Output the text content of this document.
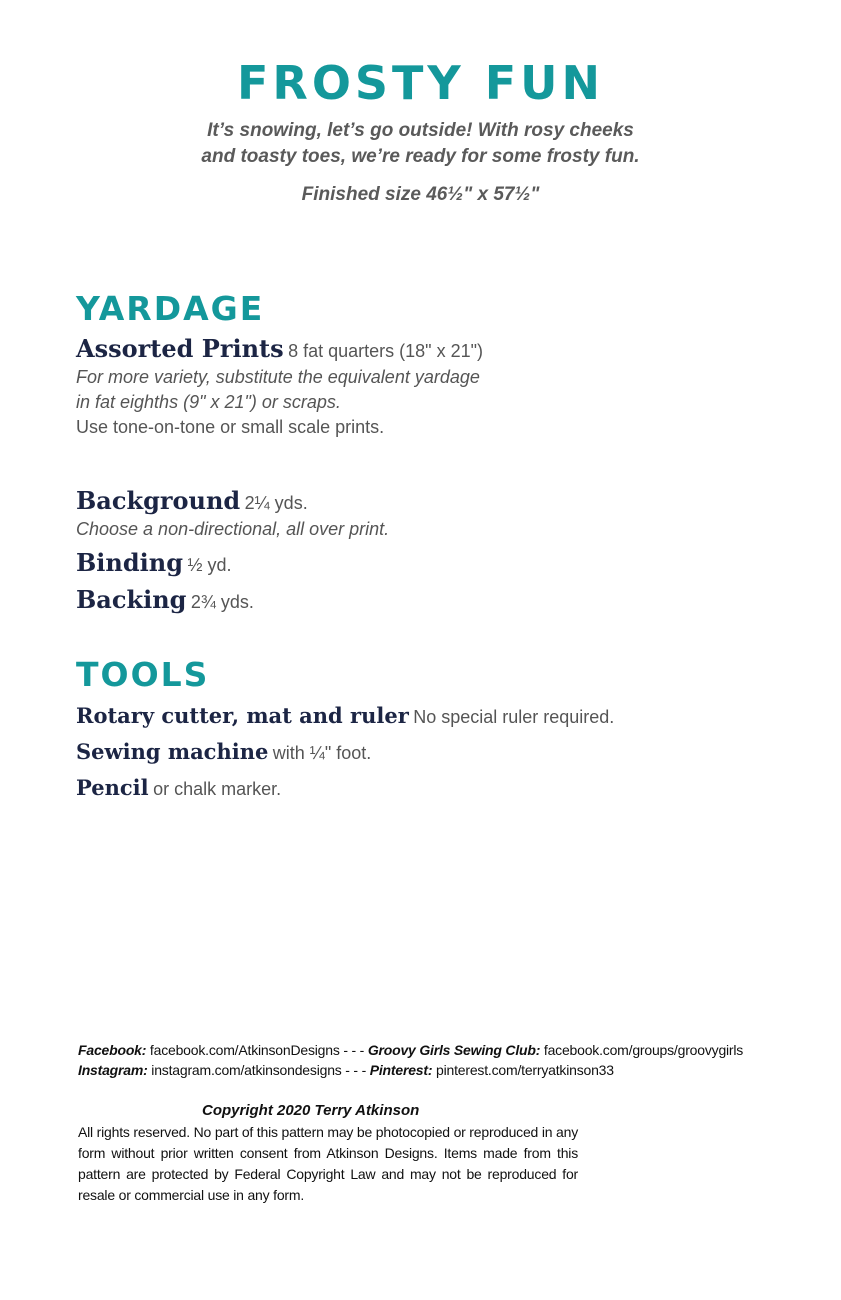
FROSTY FUN
It’s snowing, let’s go outside! With rosy cheeks
and toasty toes, we’re ready for some frosty fun.
Finished size 46½" x 57½"
YARDAGE
Assorted Prints 8 fat quarters (18" x 21")
For more variety, substitute the equivalent yardage
in fat eighths (9" x 21") or scraps.
Use tone-on-tone or small scale prints.
Background 2¼ yds.
Choose a non-directional, all over print.
Binding ½ yd.
Backing 2¾ yds.
TOOLS
Rotary cutter, mat and ruler No special ruler required.
Sewing machine with ¼" foot.
Pencil or chalk marker.
Facebook: facebook.com/AtkinsonDesigns - - - Groovy Girls Sewing Club: facebook.com/groups/groovygirls
Instagram: instagram.com/atkinsondesigns - - - Pinterest: pinterest.com/terryatkinson33
Copyright 2020 Terry Atkinson
All rights reserved. No part of this pattern may be photocopied or reproduced in any form without prior written consent from Atkinson Designs. Items made from this pattern are protected by Federal Copyright Law and may not be reproduced for resale or commercial use in any form.
